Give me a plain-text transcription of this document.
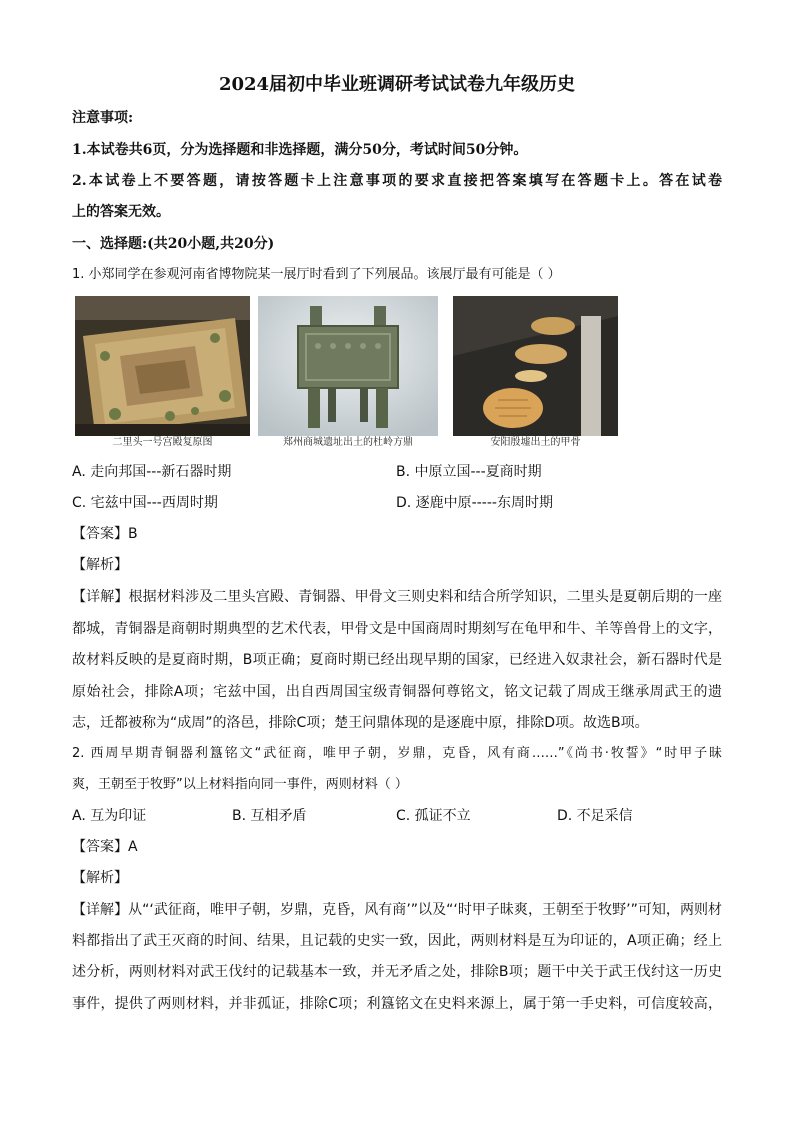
2024届初中毕业班调研考试试卷九年级历史
注意事项:
1.本试卷共6页，分为选择题和非选择题，满分50分，考试时间50分钟。
2.本试卷上不要答题，请按答题卡上注意事项的要求直接把答案填写在答题卡上。答在试卷
上的答案无效。
一、选择题:(共20小题,共20分)
1. 小郑同学在参观河南省博物院某一展厅时看到了下列展品。该展厅最有可能是（ ）
二里头一号宫殿复原图	郑州商城遗址出土的杜岭方鼎	安阳殷墟出土的甲骨
A. 走向邦国---新石器时期	B. 中原立国---夏商时期
C. 宅兹中国---西周时期	D. 逐鹿中原-----东周时期
【答案】B
【解析】
【详解】根据材料涉及二里头宫殿、青铜器、甲骨文三则史料和结合所学知识，二里头是夏朝后期的一座
都城，青铜器是商朝时期典型的艺术代表，甲骨文是中国商周时期刻写在龟甲和牛、羊等兽骨上的文字，
故材料反映的是夏商时期，B项正确；夏商时期已经出现早期的国家，已经进入奴隶社会，新石器时代是
原始社会，排除A项；宅兹中国，出自西周国宝级青铜器何尊铭文，铭文记载了周成王继承周武王的遗
志，迁都被称为“成周”的洛邑，排除C项；楚王问鼎体现的是逐鹿中原，排除D项。故选B项。
2. 西周早期青铜器利簋铭文“武征商，唯甲子朝，岁鼎，克昏，风有商……”《尚书·牧誓》“时甲子昧
爽，王朝至于牧野”以上材料指向同一事件，两则材料（ ）
A. 互为印证	B. 互相矛盾	C. 孤证不立	D. 不足采信
【答案】A
【解析】
【详解】从“‘武征商，唯甲子朝，岁鼎，克昏，风有商’”以及“‘时甲子昧爽，王朝至于牧野’”可知，两则材
料都指出了武王灭商的时间、结果，且记载的史实一致，因此，两则材料是互为印证的，A项正确；经上
述分析，两则材料对武王伐纣的记载基本一致，并无矛盾之处，排除B项；题干中关于武王伐纣这一历史
事件，提供了两则材料，并非孤证，排除C项；利簋铭文在史料来源上，属于第一手史料，可信度较高，
